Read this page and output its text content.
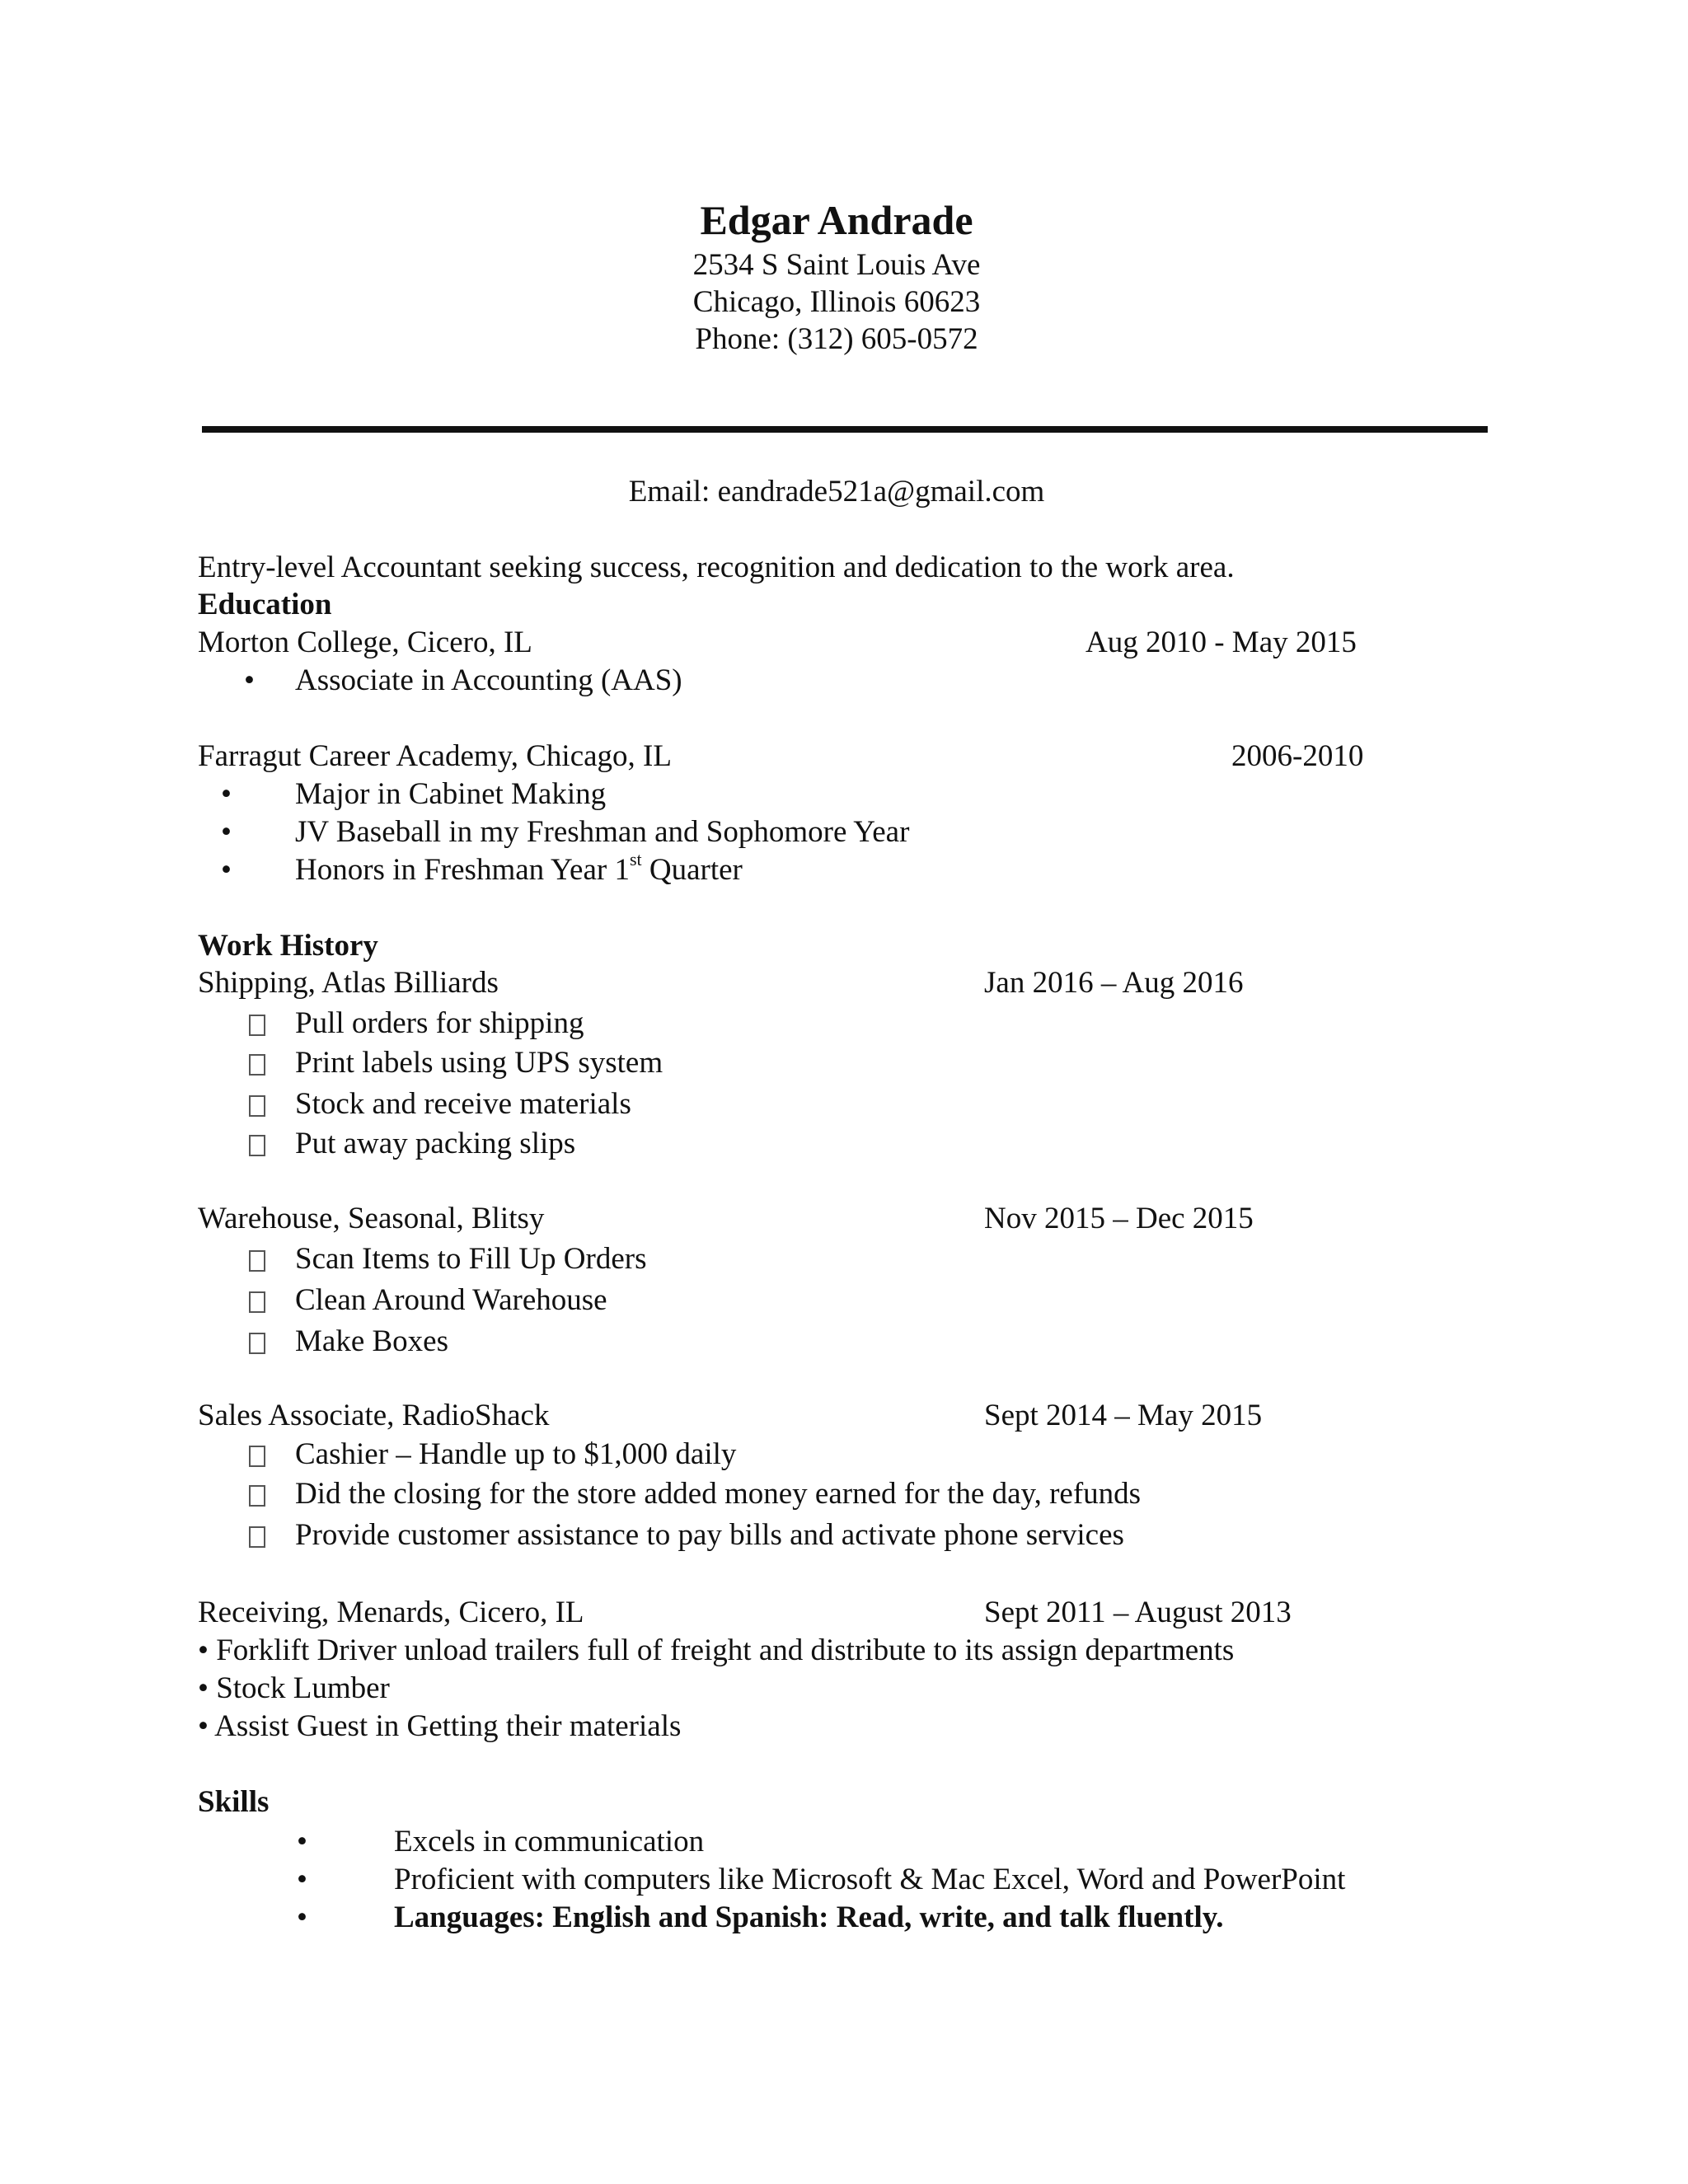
Edgar Andrade
2534 S Saint Louis Ave
Chicago, Illinois 60623
Phone: (312) 605-0572
Email: eandrade521a@gmail.com
Entry-level Accountant seeking success, recognition and dedication to the work area.
Education
Morton College, Cicero, IL	Aug 2010 - May 2015
• Associate in Accounting (AAS)
Farragut Career Academy, Chicago, IL	2006-2010
• Major in Cabinet Making
• JV Baseball in my Freshman and Sophomore Year
• Honors in Freshman Year 1st Quarter
Work History
Shipping, Atlas Billiards	Jan 2016 – Aug 2016
Pull orders for shipping
Print labels using UPS system
Stock and receive materials
Put away packing slips
Warehouse, Seasonal, Blitsy	Nov 2015 – Dec 2015
Scan Items to Fill Up Orders
Clean Around Warehouse
Make Boxes
Sales Associate, RadioShack	Sept 2014 – May 2015
Cashier – Handle up to $1,000 daily
Did the closing for the store added money earned for the day, refunds
Provide customer assistance to pay bills and activate phone services
Receiving, Menards, Cicero, IL	Sept 2011 – August 2013
• Forklift Driver unload trailers full of freight and distribute to its assign departments
• Stock Lumber
• Assist Guest in Getting their materials
Skills
•	Excels in communication
•	Proficient with computers like Microsoft & Mac Excel, Word and PowerPoint
•	Languages: English and Spanish: Read, write, and talk fluently.
